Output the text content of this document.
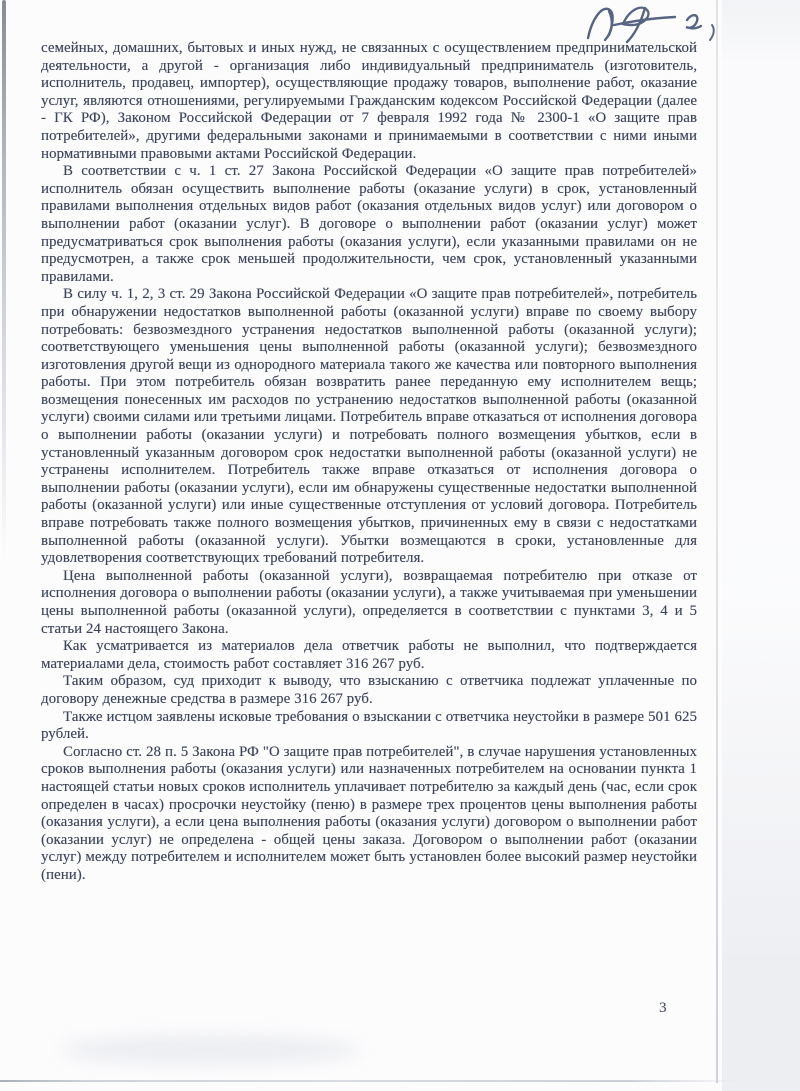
семейных, домашних, бытовых и иных нужд, не связанных с осуществлением предпринимательской деятельности, а другой - организация либо индивидуальный предприниматель (изготовитель, исполнитель, продавец, импортер), осуществляющие продажу товаров, выполнение работ, оказание услуг, являются отношениями, регулируемыми Гражданским кодексом Российской Федерации (далее - ГК РФ), Законом Российской Федерации от 7 февраля 1992 года № 2300-1 «О защите прав потребителей», другими федеральными законами и принимаемыми в соответствии с ними иными нормативными правовыми актами Российской Федерации.

В соответствии с ч. 1 ст. 27 Закона Российской Федерации «О защите прав потребителей» исполнитель обязан осуществить выполнение работы (оказание услуги) в срок, установленный правилами выполнения отдельных видов работ (оказания отдельных видов услуг) или договором о выполнении работ (оказании услуг). В договоре о выполнении работ (оказании услуг) может предусматриваться срок выполнения работы (оказания услуги), если указанными правилами он не предусмотрен, а также срок меньшей продолжительности, чем срок, установленный указанными правилами.

В силу ч. 1, 2, 3 ст. 29 Закона Российской Федерации «О защите прав потребителей», потребитель при обнаружении недостатков выполненной работы (оказанной услуги) вправе по своему выбору потребовать: безвозмездного устранения недостатков выполненной работы (оказанной услуги); соответствующего уменьшения цены выполненной работы (оказанной услуги); безвозмездного изготовления другой вещи из однородного материала такого же качества или повторного выполнения работы. При этом потребитель обязан возвратить ранее переданную ему исполнителем вещь; возмещения понесенных им расходов по устранению недостатков выполненной работы (оказанной услуги) своими силами или третьими лицами. Потребитель вправе отказаться от исполнения договора о выполнении работы (оказании услуги) и потребовать полного возмещения убытков, если в установленный указанным договором срок недостатки выполненной работы (оказанной услуги) не устранены исполнителем. Потребитель также вправе отказаться от исполнения договора о выполнении работы (оказании услуги), если им обнаружены существенные недостатки выполненной работы (оказанной услуги) или иные существенные отступления от условий договора. Потребитель вправе потребовать также полного возмещения убытков, причиненных ему в связи с недостатками выполненной работы (оказанной услуги). Убытки возмещаются в сроки, установленные для удовлетворения соответствующих требований потребителя.

Цена выполненной работы (оказанной услуги), возвращаемая потребителю при отказе от исполнения договора о выполнении работы (оказании услуги), а также учитываемая при уменьшении цены выполненной работы (оказанной услуги), определяется в соответствии с пунктами 3, 4 и 5 статьи 24 настоящего Закона.

Как усматривается из материалов дела ответчик работы не выполнил, что подтверждается материалами дела, стоимость работ составляет 316 267 руб.

Таким образом, суд приходит к выводу, что взысканию с ответчика подлежат уплаченные по договору денежные средства в размере 316 267 руб.

Также истцом заявлены исковые требования о взыскании с ответчика неустойки в размере 501 625 рублей.

Согласно ст. 28 п. 5 Закона РФ "О защите прав потребителей", в случае нарушения установленных сроков выполнения работы (оказания услуги) или назначенных потребителем на основании пункта 1 настоящей статьи новых сроков исполнитель уплачивает потребителю за каждый день (час, если срок определен в часах) просрочки неустойку (пеню) в размере трех процентов цены выполнения работы (оказания услуги), а если цена выполнения работы (оказания услуги) договором о выполнении работ (оказании услуг) не определена - общей цены заказа. Договором о выполнении работ (оказании услуг) между потребителем и исполнителем может быть установлен более высокий размер неустойки (пени).

3
